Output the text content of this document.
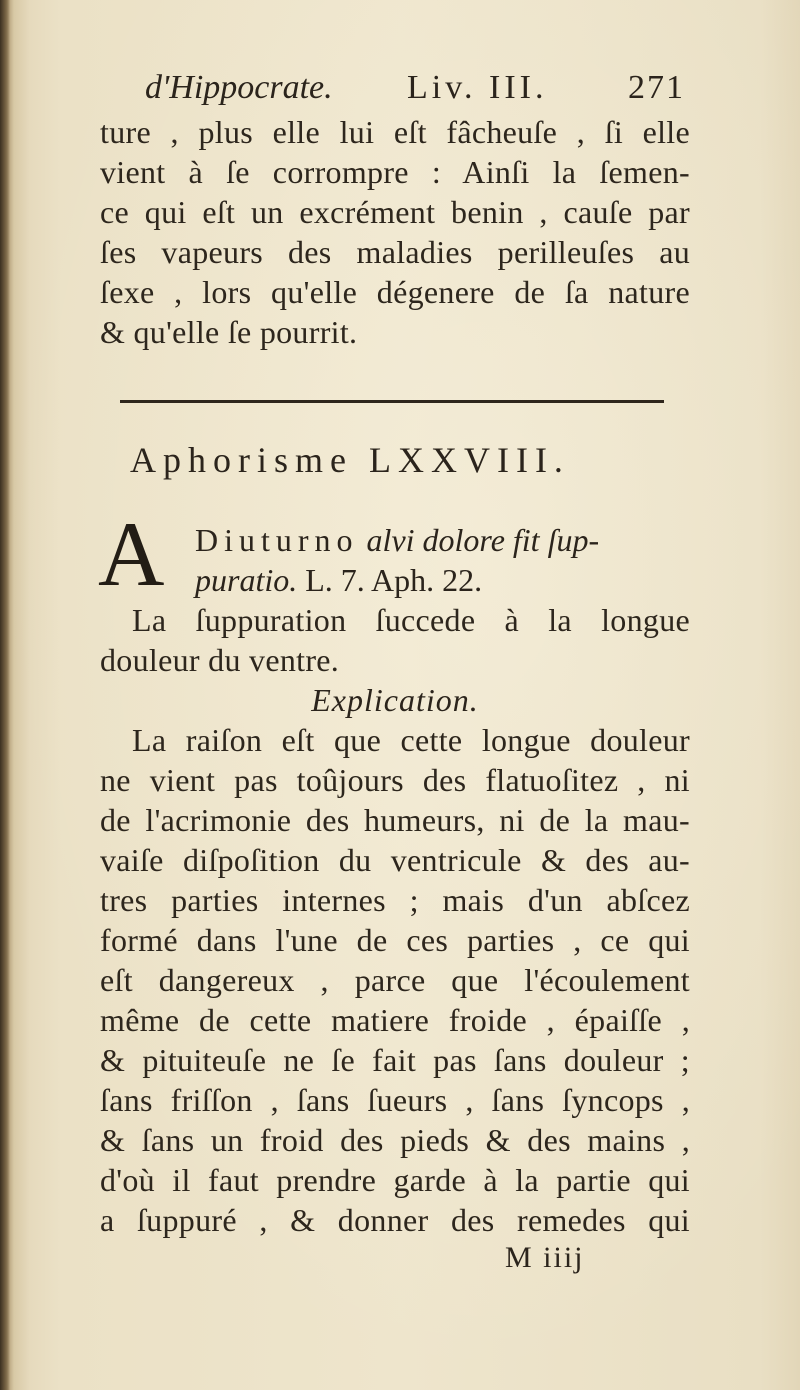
d'Hippocrate. Liv. III. 271
ture , plus elle lui eſt fâcheuſe , ſi elle
vient à ſe corrompre : Ainſi la ſemen-
ce qui eſt un excrément benin , cauſe par
ſes vapeurs des maladies perilleuſes au
ſexe , lors qu'elle dégenere de ſa nature
& qu'elle ſe pourrit.
Aphorisme LXXVIII.
A Diuturno alvi dolore fit ſup-
puratio. L. 7. Aph. 22.
La ſuppuration ſuccede à la longue
douleur du ventre.
Explication.
La raiſon eſt que cette longue douleur
ne vient pas toûjours des flatuoſitez , ni
de l'acrimonie des humeurs, ni de la mau-
vaiſe diſpoſition du ventricule & des au-
tres parties internes ; mais d'un abſcez
formé dans l'une de ces parties , ce qui
eſt dangereux , parce que l'écoulement
même de cette matiere froide , épaiſſe ,
& pituiteuſe ne ſe fait pas ſans douleur ;
ſans friſſon , ſans ſueurs , ſans ſyncops ,
& ſans un froid des pieds & des mains ,
d'où il faut prendre garde à la partie qui
a ſuppuré , & donner des remedes qui
M iiij
